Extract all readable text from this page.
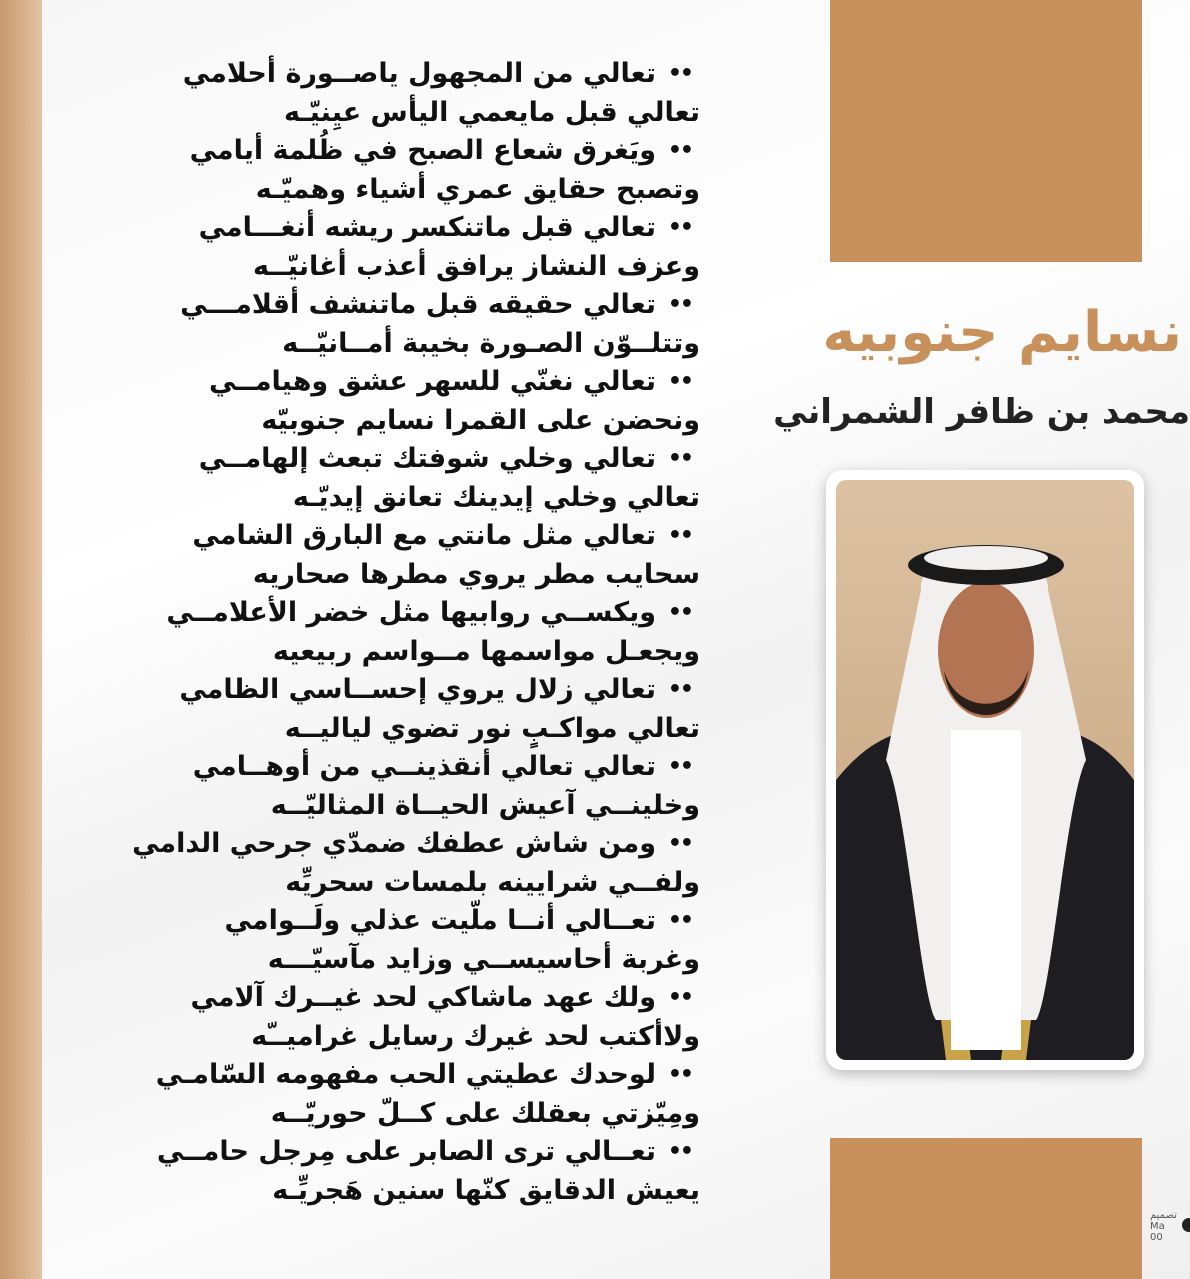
••
تعالي من المجهول ياصــورة أحلامي
تعالي قبل مايعمي اليأس عيِنيّـه
••
ويَغرق شعاع الصبح في ظُلمة أيامي
وتصبح حقايق عمري أشياء وهميّـه
••
تعالي قبل ماتنكسر ريشه أنغـــامي
وعزف النشاز يرافق أعذب أغانيّــه
••
تعالي حقيقه قبل ماتنشف أقلامـــي
وتتلــوّن الصـورة بخيبة أمــانيّــه
••
تعالي نغنّي للسهر عشق وهيامــي
ونحضن على القمرا نسايم جنوبيّه
••
تعالي وخلي شوفتك تبعث إلهامــي
تعالي وخلي إيدينك تعانق إيديّـه
••
تعالي مثل مانتي مع البارق الشامي
سحايب مطر يروي مطرها صحاريه
••
ويكســي روابيها مثل خضر الأعلامــي
ويجعـل مواسمها مــواسم ربيعيه
••
تعالي زلال يروي إحســاسي الظامي
تعالي مواكـبٍ نور تضوي لياليــه
••
تعالي تعالي أنقذينــي من أوهــامي
وخلينــي آعيش الحيــاة المثاليّــه
••
ومن شاش عطفك ضمدّي جرحي الدامي
ولفــي شرايينه بلمسات سحريِّه
••
تعــالي أنــا ملّيت عذلي ولَــوامي
وغربة أحاسيســي وزايد مآسيّـــه
••
ولك عهد ماشاكي لحد غيــرك آلامي
ولاأكتب لحد غيرك رسايل غراميــّه
••
لوحدك عطيتي الحب مفهومه السّامـي
ومِيّزتي بعقلك على كــلّ حوريّــه
••
تعــالي ترى الصابر على مِرجل حامــي
يعيش الدقايق كنّها سنين هَجريِّـه
نسايم جنوبيه
محمد بن ظافر الشمراني
تصميم
Ma
00
